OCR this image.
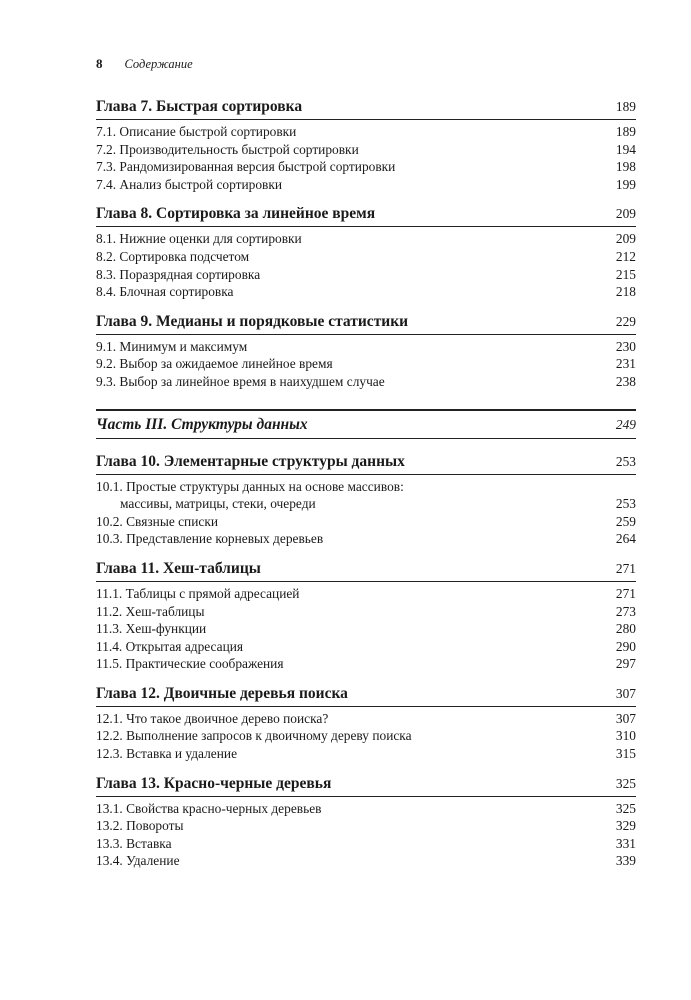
8 Содержание
Глава 7. Быстрая сортировка	189
7.1. Описание быстрой сортировки	189
7.2. Производительность быстрой сортировки	194
7.3. Рандомизированная версия быстрой сортировки	198
7.4. Анализ быстрой сортировки	199
Глава 8. Сортировка за линейное время	209
8.1. Нижние оценки для сортировки	209
8.2. Сортировка подсчетом	212
8.3. Поразрядная сортировка	215
8.4. Блочная сортировка	218
Глава 9. Медианы и порядковые статистики	229
9.1. Минимум и максимум	230
9.2. Выбор за ожидаемое линейное время	231
9.3. Выбор за линейное время в наихудшем случае	238
Часть III. Структуры данных	249
Глава 10. Элементарные структуры данных	253
10.1. Простые структуры данных на основе массивов:
массивы, матрицы, стеки, очереди	253
10.2. Связные списки	259
10.3. Представление корневых деревьев	264
Глава 11. Хеш-таблицы	271
11.1. Таблицы с прямой адресацией	271
11.2. Хеш-таблицы	273
11.3. Хеш-функции	280
11.4. Открытая адресация	290
11.5. Практические соображения	297
Глава 12. Двоичные деревья поиска	307
12.1. Что такое двоичное дерево поиска?	307
12.2. Выполнение запросов к двоичному дереву поиска	310
12.3. Вставка и удаление	315
Глава 13. Красно-черные деревья	325
13.1. Свойства красно-черных деревьев	325
13.2. Повороты	329
13.3. Вставка	331
13.4. Удаление	339
